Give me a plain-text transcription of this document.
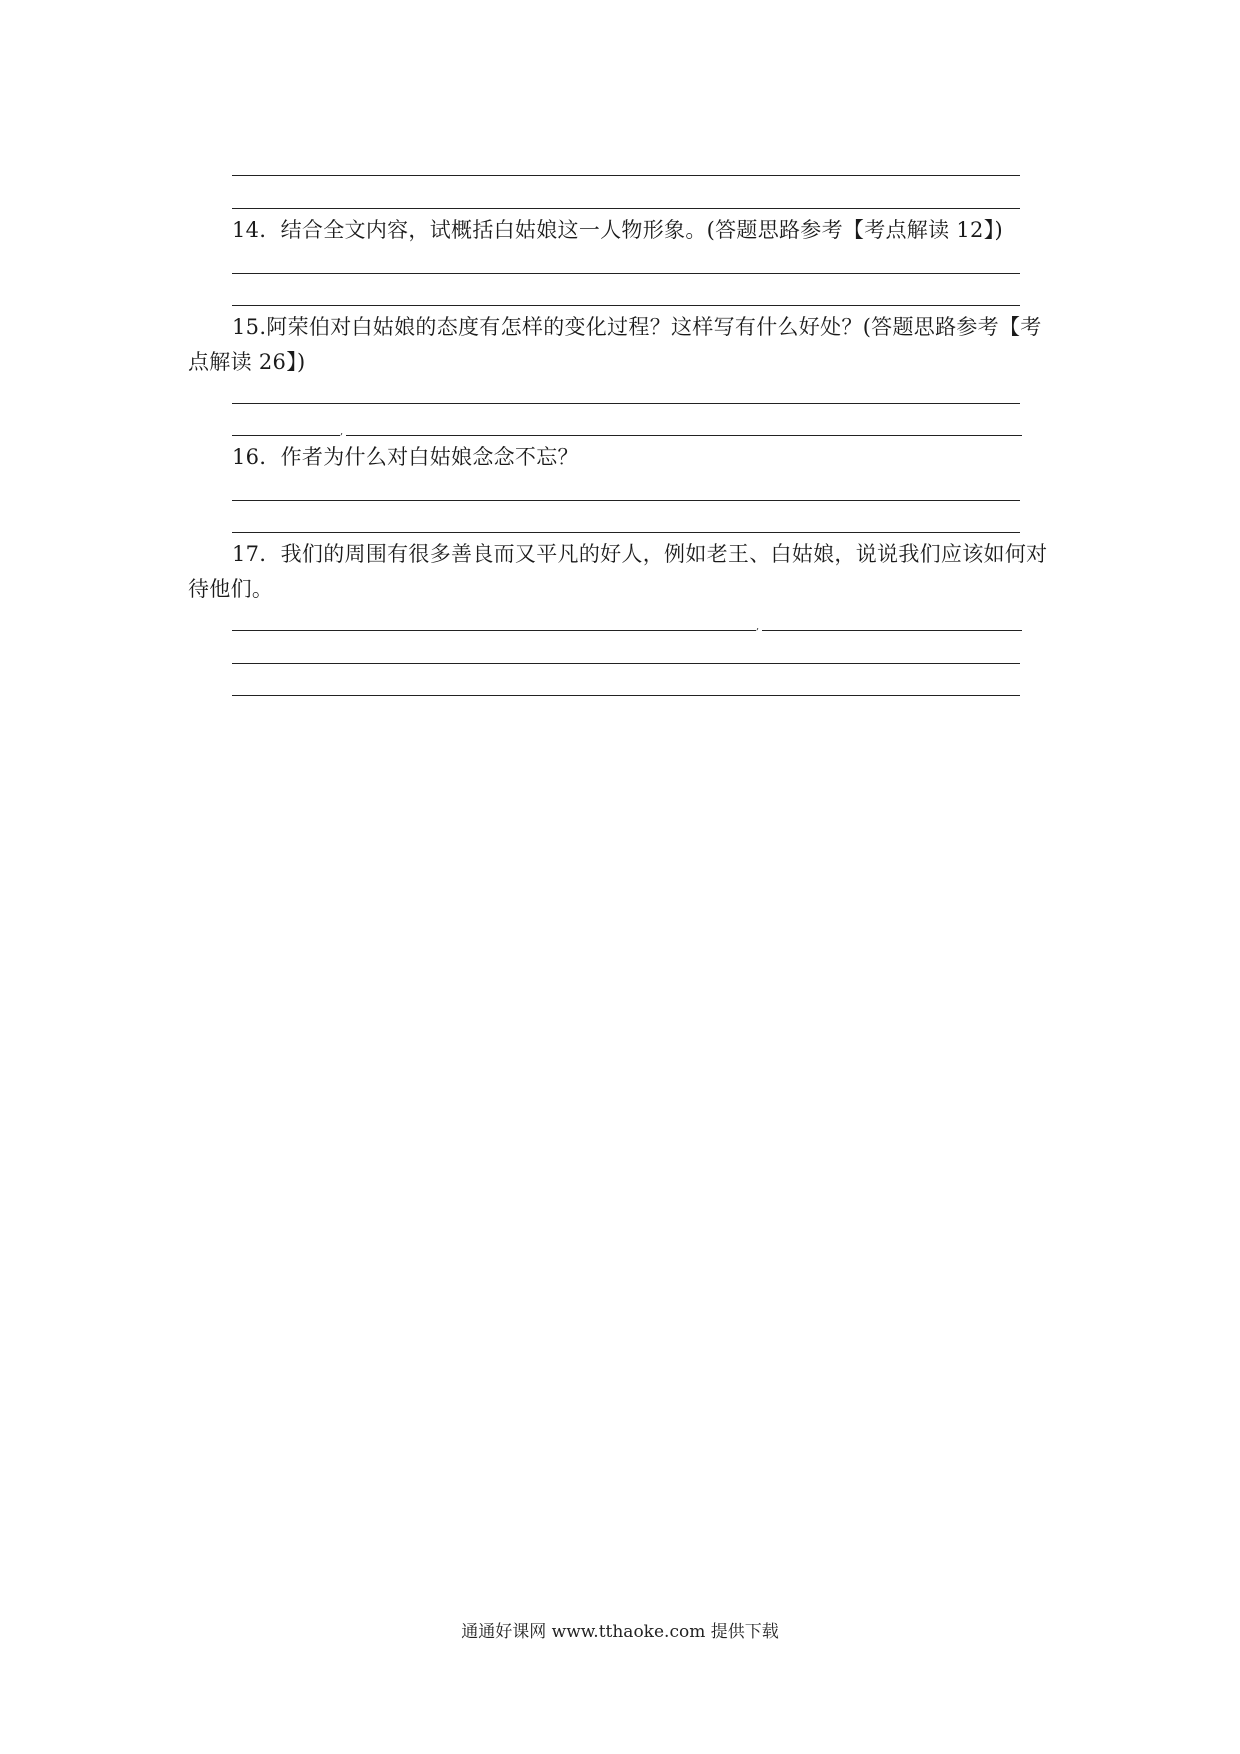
14．结合全文内容，试概括白姑娘这一人物形象。(答题思路参考【考点解读 12】)

15.阿荣伯对白姑娘的态度有怎样的变化过程？这样写有什么好处？(答题思路参考【考点解读 26】)

,

16．作者为什么对白姑娘念念不忘？

17．我们的周围有很多善良而又平凡的好人，例如老王、白姑娘，说说我们应该如何对待他们。

,
通通好课网 www.tthaoke.com 提供下载
